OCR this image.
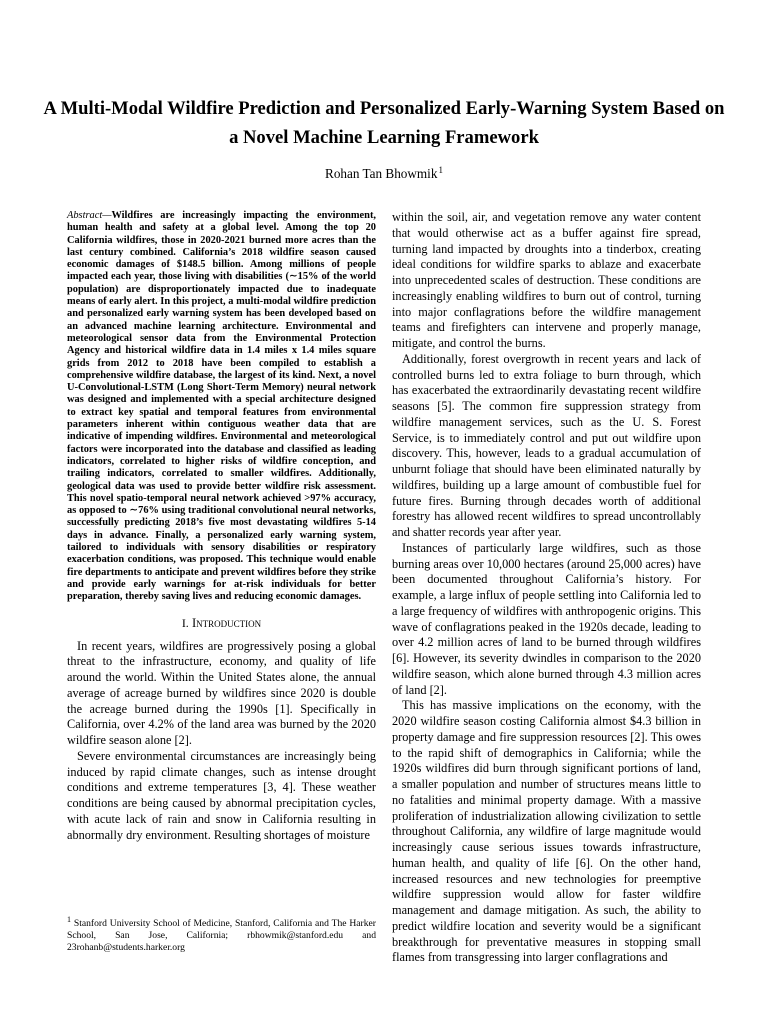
A Multi-Modal Wildfire Prediction and Personalized Early-Warning System Based on a Novel Machine Learning Framework
Rohan Tan Bhowmik$^1$
Abstract—Wildfires are increasingly impacting the environment, human health and safety at a global level. Among the top 20 California wildfires, those in 2020-2021 burned more acres than the last century combined. California’s 2018 wildfire season caused economic damages of $148.5 billion. Among millions of people impacted each year, those living with disabilities (∼15% of the world population) are disproportionately impacted due to inadequate means of early alert. In this project, a multi-modal wildfire prediction and personalized early warning system has been developed based on an advanced machine learning architecture. Environmental and meteorological sensor data from the Environmental Protection Agency and historical wildfire data in 1.4 miles x 1.4 miles square grids from 2012 to 2018 have been compiled to establish a comprehensive wildfire database, the largest of its kind. Next, a novel U-Convolutional-LSTM (Long Short-Term Memory) neural network was designed and implemented with a special architecture designed to extract key spatial and temporal features from environmental parameters inherent within contiguous weather data that are indicative of impending wildfires. Environmental and meteorological factors were incorporated into the database and classified as leading indicators, correlated to higher risks of wildfire conception, and trailing indicators, correlated to smaller wildfires. Additionally, geological data was used to provide better wildfire risk assessment. This novel spatio-temporal neural network achieved >97% accuracy, as opposed to ∼76% using traditional convolutional neural networks, successfully predicting 2018’s five most devastating wildfires 5-14 days in advance. Finally, a personalized early warning system, tailored to individuals with sensory disabilities or respiratory exacerbation conditions, was proposed. This technique would enable fire departments to anticipate and prevent wildfires before they strike and provide early warnings for at-risk individuals for better preparation, thereby saving lives and reducing economic damages.
I. Introduction

In recent years, wildfires are progressively posing a global threat to the infrastructure, economy, and quality of life around the world. Within the United States alone, the annual average of acreage burned by wildfires since 2020 is double the acreage burned during the 1990s [1]. Specifically in California, over 4.2% of the land area was burned by the 2020 wildfire season alone [2].

Severe environmental circumstances are increasingly being induced by rapid climate changes, such as intense drought conditions and extreme temperatures [3, 4]. These weather conditions are being caused by abnormal precipitation cycles, with acute lack of rain and snow in California resulting in abnormally dry environment. Resulting shortages of moisture

within the soil, air, and vegetation remove any water content that would otherwise act as a buffer against fire spread, turning land impacted by droughts into a tinderbox, creating ideal conditions for wildfire sparks to ablaze and exacerbate into unprecedented scales of destruction. These conditions are increasingly enabling wildfires to burn out of control, turning into major conflagrations before the wildfire management teams and firefighters can intervene and properly manage, mitigate, and control the burns.

Additionally, forest overgrowth in recent years and lack of controlled burns led to extra foliage to burn through, which has exacerbated the extraordinarily devastating recent wildfire seasons [5]. The common fire suppression strategy from wildfire management services, such as the U. S. Forest Service, is to immediately control and put out wildfire upon discovery. This, however, leads to a gradual accumulation of unburnt foliage that should have been eliminated naturally by wildfires, building up a large amount of combustible fuel for future fires. Burning through decades worth of additional forestry has allowed recent wildfires to spread uncontrollably and shatter records year after year.

Instances of particularly large wildfires, such as those burning areas over 10,000 hectares (around 25,000 acres) have been documented throughout California’s history. For example, a large influx of people settling into California led to a large frequency of wildfires with anthropogenic origins. This wave of conflagrations peaked in the 1920s decade, leading to over 4.2 million acres of land to be burned through wildfires [6]. However, its severity dwindles in comparison to the 2020 wildfire season, which alone burned through 4.3 million acres of land [2].

This has massive implications on the economy, with the 2020 wildfire season costing California almost $4.3 billion in property damage and fire suppression resources [2]. This owes to the rapid shift of demographics in California; while the 1920s wildfires did burn through significant portions of land, a smaller population and number of structures means little to no fatalities and minimal property damage. With a massive proliferation of industrialization allowing civilization to settle throughout California, any wildfire of large magnitude would increasingly cause serious issues towards infrastructure, human health, and quality of life [6]. On the other hand, increased resources and new technologies for preemptive wildfire suppression would allow for faster wildfire management and damage mitigation. As such, the ability to predict wildfire location and severity would be a significant breakthrough for preventative measures in stopping small flames from transgressing into larger conflagrations and

$^1$ Stanford University School of Medicine, Stanford, California and The Harker School, San Jose, California; rbhowmik@stanford.edu and 23rohanb@students.harker.org
